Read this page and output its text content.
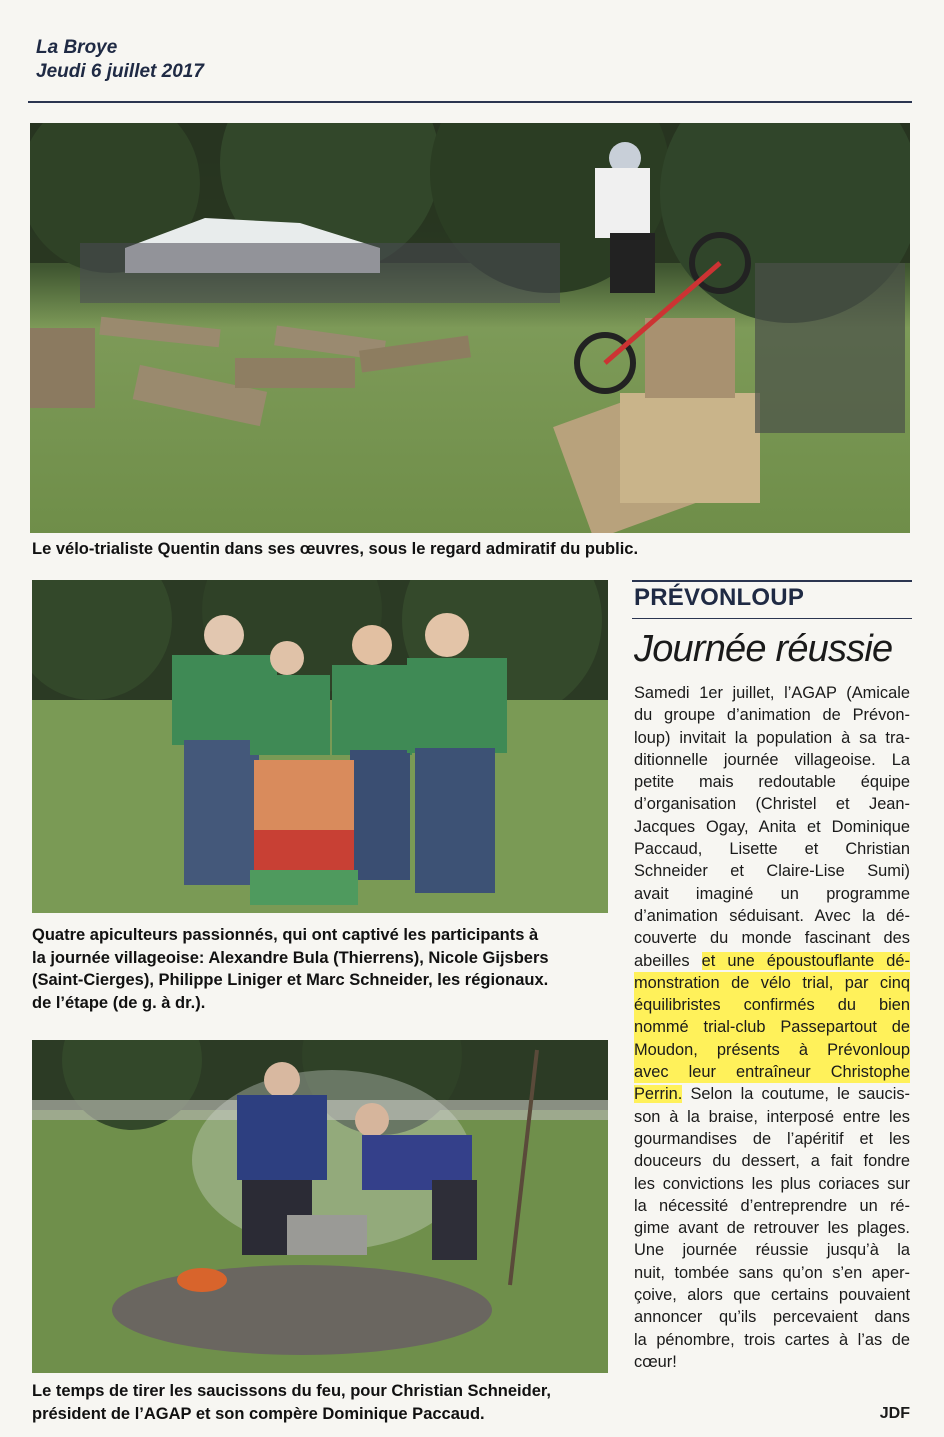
La Broye
Jeudi 6 juillet 2017
Le vélo-trialiste Quentin dans ses œuvres, sous le regard admiratif du public.
Quatre apiculteurs passionnés, qui ont captivé les participants à
la journée villageoise: Alexandre Bula (Thierrens), Nicole Gijsbers
(Saint-Cierges), Philippe Liniger et Marc Schneider, les régionaux.
de l’étape (de g. à dr.).
Le temps de tirer les saucissons du feu, pour Christian Schneider,
président de l’AGAP et son compère Dominique Paccaud.
PRÉVONLOUP
Journée réussie
Samedi 1er juillet, l’AGAP (Amicale
du groupe d’animation de Prévon-
loup) invitait la population à sa tra-
ditionnelle journée villageoise. La
petite mais redoutable équipe
d’organisation (Christel et Jean-
Jacques Ogay, Anita et Dominique
Paccaud, Lisette et Christian
Schneider et Claire-Lise Sumi)
avait imaginé un programme
d’animation séduisant. Avec la dé-
couverte du monde fascinant des
abeilles et une époustouflante dé-
monstration de vélo trial, par cinq
équilibristes confirmés du bien
nommé trial-club Passepartout de
Moudon, présents à Prévonloup
avec leur entraîneur Christophe
Perrin. Selon la coutume, le saucis-
son à la braise, interposé entre les
gourmandises de l’apéritif et les
douceurs du dessert, a fait fondre
les convictions les plus coriaces sur
la nécessité d’entreprendre un ré-
gime avant de retrouver les plages.
Une journée réussie jusqu’à la
nuit, tombée sans qu’on s’en aper-
çoive, alors que certains pouvaient
annoncer qu’ils percevaient dans
la pénombre, trois cartes à l’as de
cœur!
JDF
